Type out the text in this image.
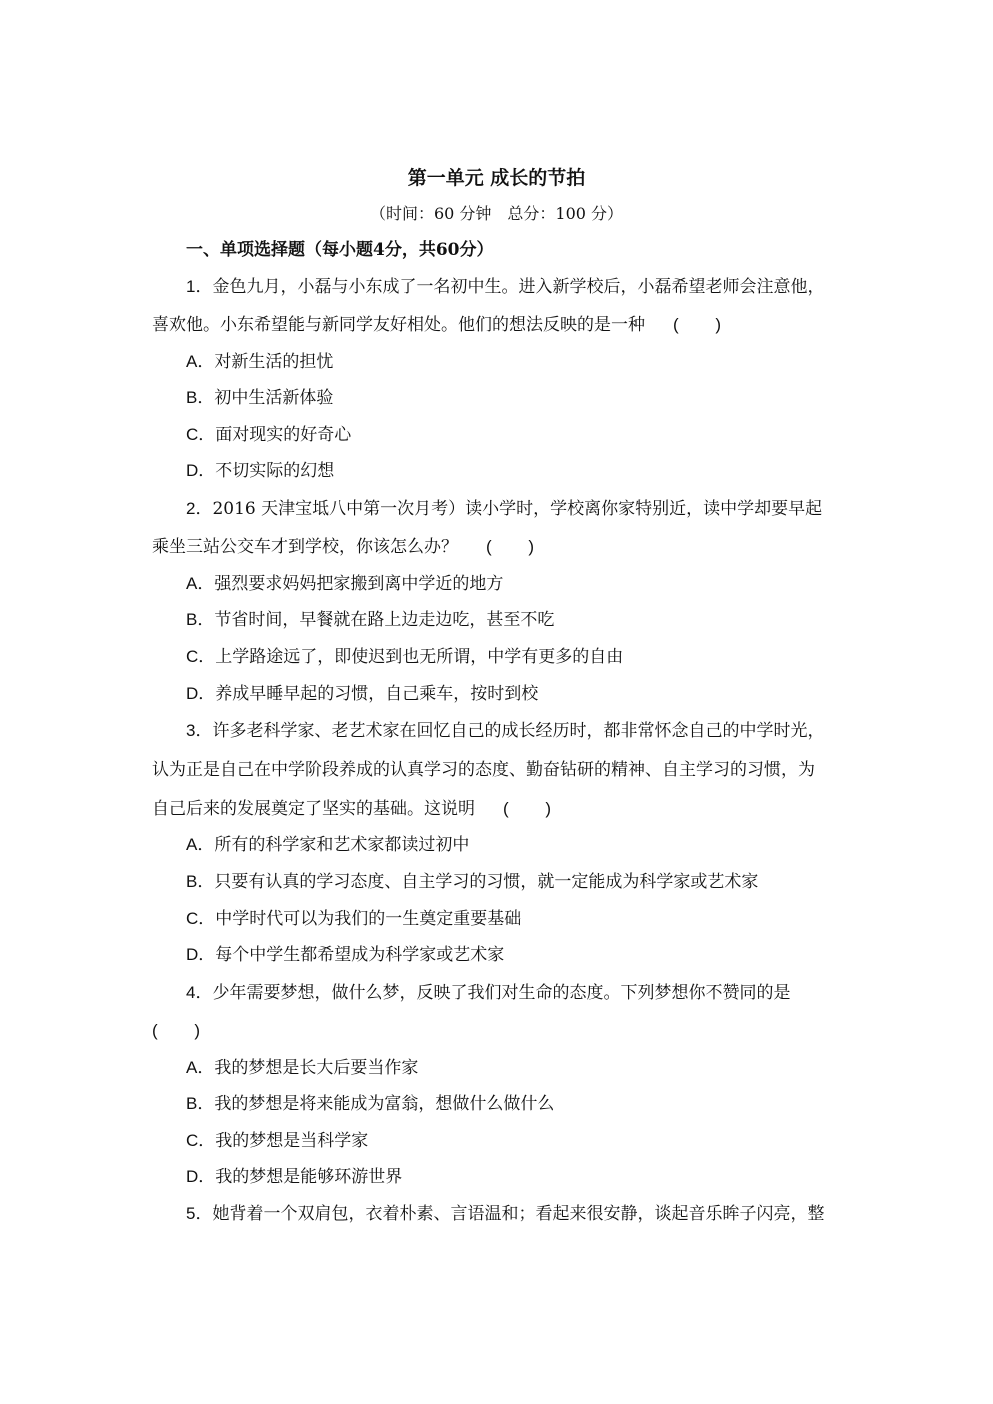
第一单元 成长的节拍
（时间：60 分钟　总分：100 分）
一、单项选择题（每小题4分，共60分）
1．金色九月，小磊与小东成了一名初中生。进入新学校后，小磊希望老师会注意他，
喜欢他。小东希望能与新同学友好相处。他们的想法反映的是一种 ( )
A．对新生活的担忧
B．初中生活新体验
C．面对现实的好奇心
D．不切实际的幻想
2．2016 天津宝坻八中第一次月考）读小学时，学校离你家特别近，读中学却要早起
乘坐三站公交车才到学校，你该怎么办？ ( )
A．强烈要求妈妈把家搬到离中学近的地方
B．节省时间，早餐就在路上边走边吃，甚至不吃
C．上学路途远了，即使迟到也无所谓，中学有更多的自由
D．养成早睡早起的习惯，自己乘车，按时到校
3．许多老科学家、老艺术家在回忆自己的成长经历时，都非常怀念自己的中学时光，
认为正是自己在中学阶段养成的认真学习的态度、勤奋钻研的精神、自主学习的习惯，为
自己后来的发展奠定了坚实的基础。这说明 ( )
A．所有的科学家和艺术家都读过初中
B．只要有认真的学习态度、自主学习的习惯，就一定能成为科学家或艺术家
C．中学时代可以为我们的一生奠定重要基础
D．每个中学生都希望成为科学家或艺术家
4．少年需要梦想，做什么梦，反映了我们对生命的态度。下列梦想你不赞同的是
( )
A．我的梦想是长大后要当作家
B．我的梦想是将来能成为富翁，想做什么做什么
C．我的梦想是当科学家
D．我的梦想是能够环游世界
5．她背着一个双肩包，衣着朴素、言语温和；看起来很安静，谈起音乐眸子闪亮，整
